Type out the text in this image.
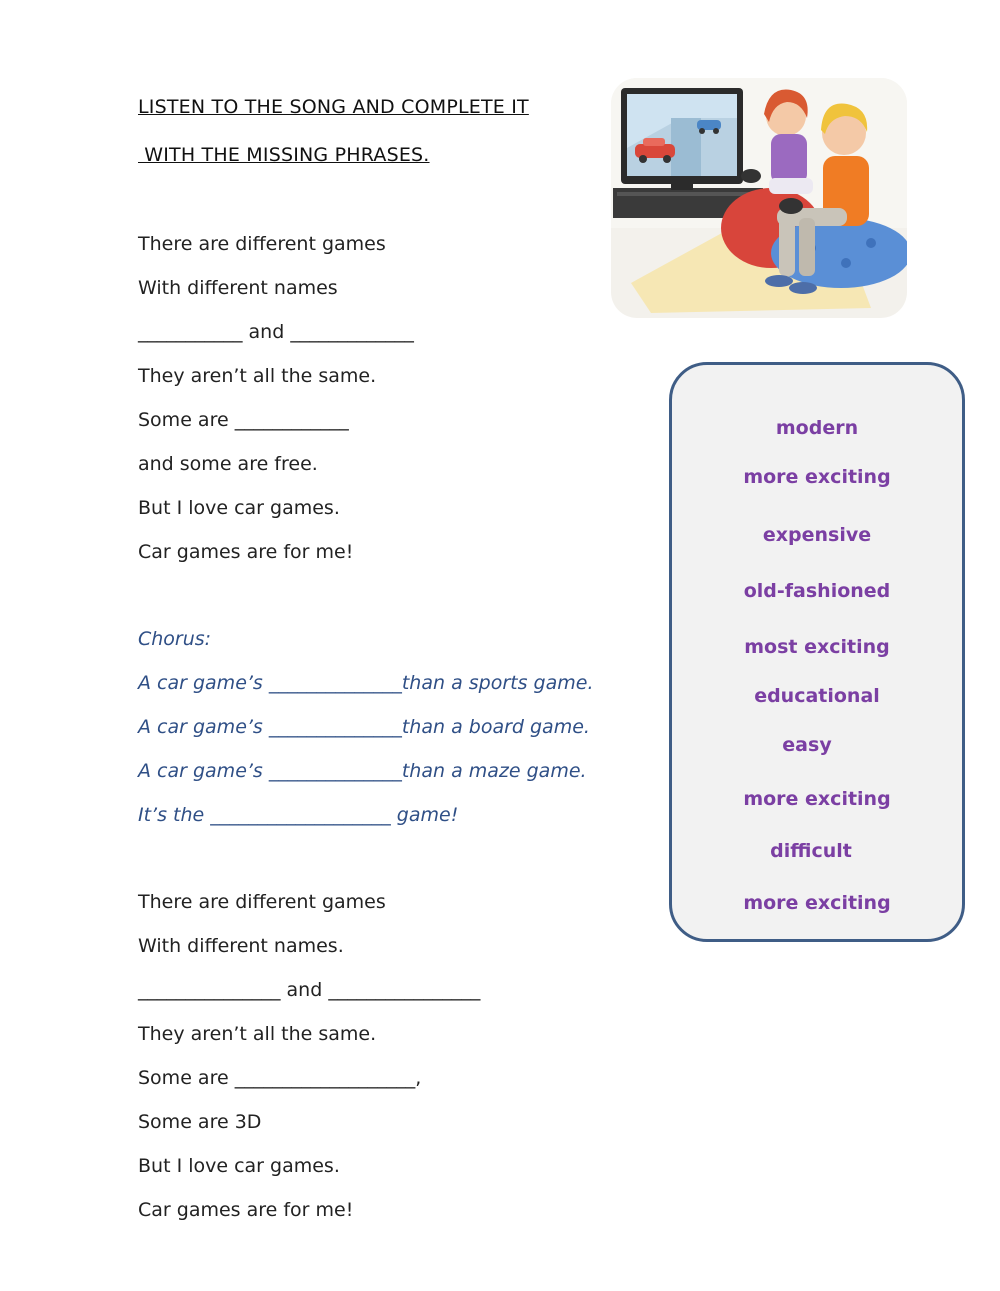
LISTEN TO THE SONG AND COMPLETE IT
WITH THE MISSING PHRASES.
There are different games
With different names
___________ and _____________
They aren’t all the same.
Some are ____________
and some are free.
But I love car games.
Car games are for me!
Chorus:
A car game’s ______________than a sports game.
A car game’s ______________than a board game.
A car game’s ______________than a maze game.
It’s the ___________________ game!
There are different games
With different names.
_______________ and ________________
They aren’t all the same.
Some are ___________________,
Some are 3D
But I love car games.
Car games are for me!
modern
more exciting
expensive
old-fashioned
most exciting
educational
easy
more exciting
difficult
more exciting
